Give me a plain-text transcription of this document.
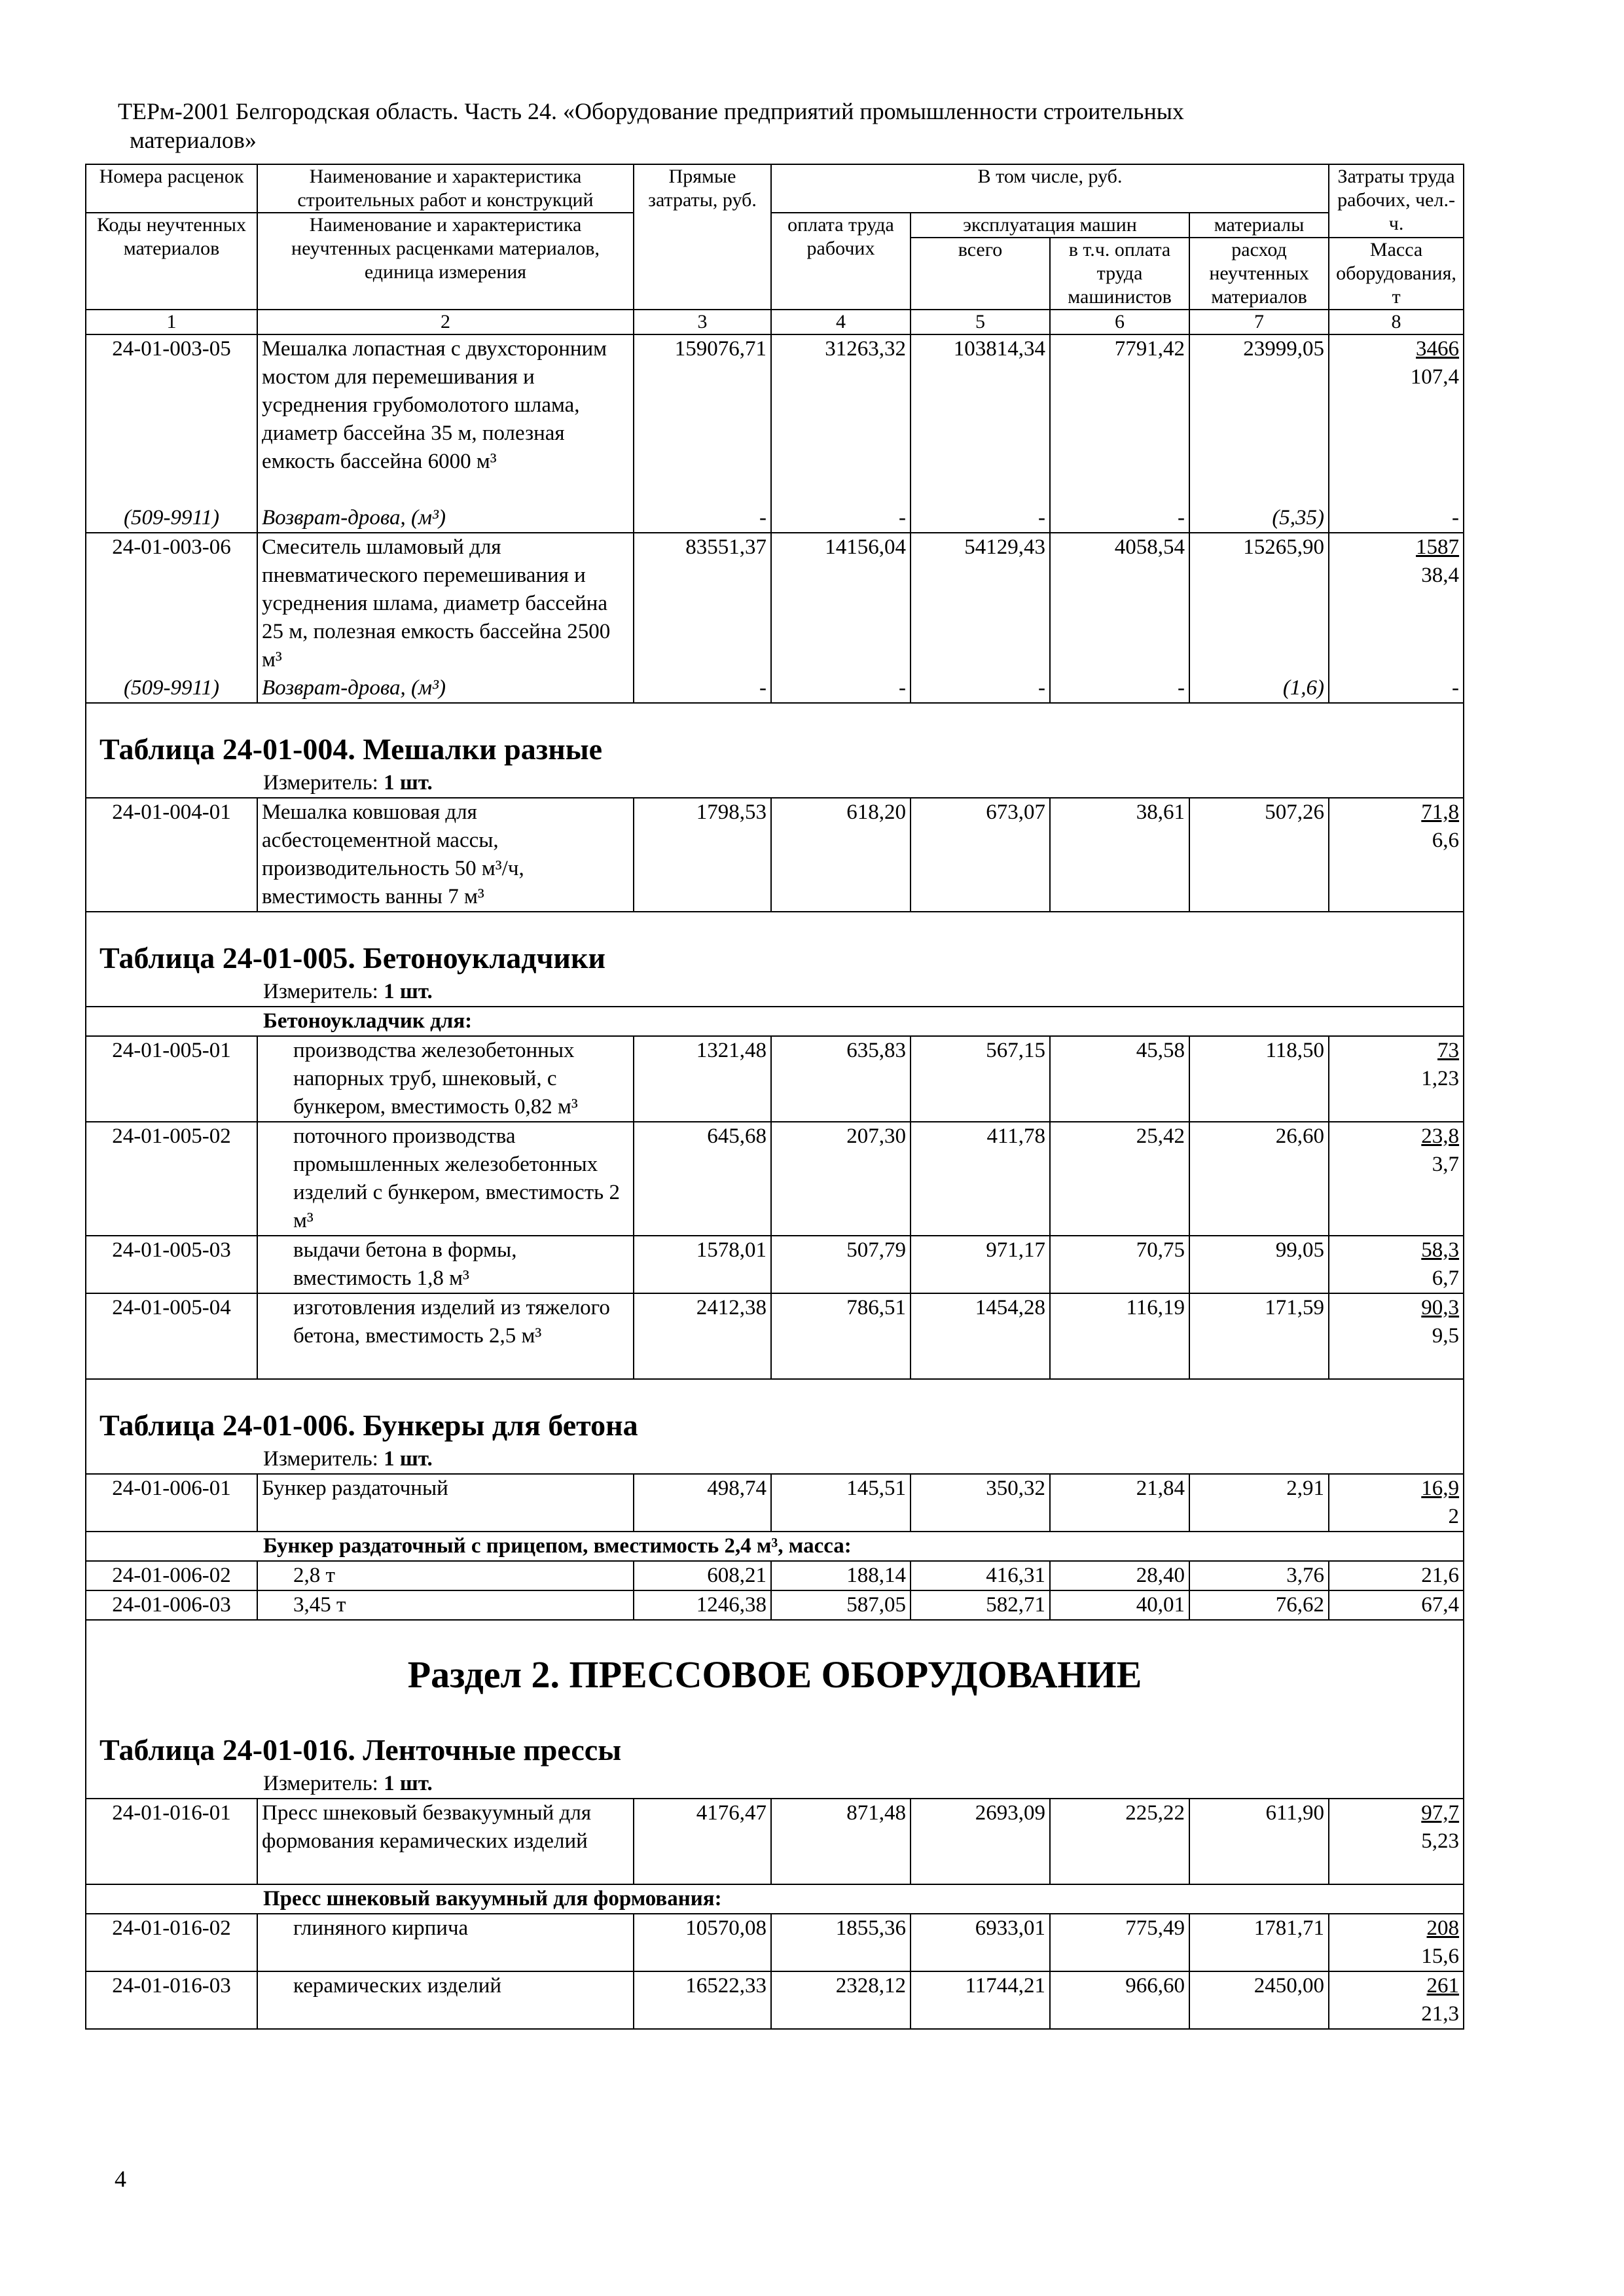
ТЕРм-2001 Белгородская область. Часть 24. «Оборудование предприятий промышленности строительных
материалов»
Номера расценок	Наименование и характеристика строительных работ и конструкций	Прямые затраты, руб.	В том числе, руб.				Затраты труда рабочих, чел.-ч.
Коды неучтенных материалов	Наименование и характеристика неучтенных расценками материалов, единица измерения		оплата труда рабочих	эксплуатация машин		материалы	
				всего	в т.ч. оплата труда машинистов	расход неучтенных материалов	
							Масса оборудования, т
1	2	3	4	5	6	7	8
24-01-003-05	Мешалка лопастная с двухсторонним мостом для перемешивания и усреднения грубомолотого шлама, диаметр бассейна 35 м, полезная емкость бассейна 6000 м³	159076,71	31263,32	103814,34	7791,42	23999,05	3466
107,4
(509-9911)	Возврат-дрова, (м³)	-	-	-	-	(5,35)	-
24-01-003-06	Смеситель шламовый для пневматического перемешивания и усреднения шлама, диаметр бассейна 25 м, полезная емкость бассейна 2500 м³	83551,37	14156,04	54129,43	4058,54	15265,90	1587
38,4
(509-9911)	Возврат-дрова, (м³)	-	-	-	-	(1,6)	-
Таблица 24-01-004. Мешалки разные							
Измеритель: 1 шт.							
24-01-004-01	Мешалка ковшовая для асбестоцементной массы, производительность 50 м³/ч, вместимость ванны 7 м³	1798,53	618,20	673,07	38,61	507,26	71,8
6,6
Таблица 24-01-005. Бетоноукладчики							
Измеритель: 1 шт.							
Бетоноукладчик для:							
24-01-005-01	производства железобетонных напорных труб, шнековый, с бункером, вместимость 0,82 м³	1321,48	635,83	567,15	45,58	118,50	73
1,23
24-01-005-02	поточного производства промышленных железобетонных изделий с бункером, вместимость 2 м³	645,68	207,30	411,78	25,42	26,60	23,8
3,7
24-01-005-03	выдачи бетона в формы, вместимость 1,8 м³	1578,01	507,79	971,17	70,75	99,05	58,3
6,7
24-01-005-04	изготовления изделий из тяжелого бетона, вместимость 2,5 м³	2412,38	786,51	1454,28	116,19	171,59	90,3
9,5
Таблица 24-01-006. Бункеры для бетона							
Измеритель: 1 шт.							
24-01-006-01	Бункер раздаточный	498,74	145,51	350,32	21,84	2,91	16,9
2
Бункер раздаточный с прицепом, вместимость 2,4 м³, масса:							
24-01-006-02	2,8 т	608,21	188,14	416,31	28,40	3,76	21,6
24-01-006-03	3,45 т	1246,38	587,05	582,71	40,01	76,62	67,4
Раздел 2. ПРЕССОВОЕ ОБОРУДОВАНИЕ							
Таблица 24-01-016. Ленточные прессы							
Измеритель: 1 шт.							
24-01-016-01	Пресс шнековый безвакуумный для формования керамических изделий	4176,47	871,48	2693,09	225,22	611,90	97,7
5,23
Пресс шнековый вакуумный для формования:							
24-01-016-02	глиняного кирпича	10570,08	1855,36	6933,01	775,49	1781,71	208
15,6
24-01-016-03	керамических изделий	16522,33	2328,12	11744,21	966,60	2450,00	261
21,3
4
